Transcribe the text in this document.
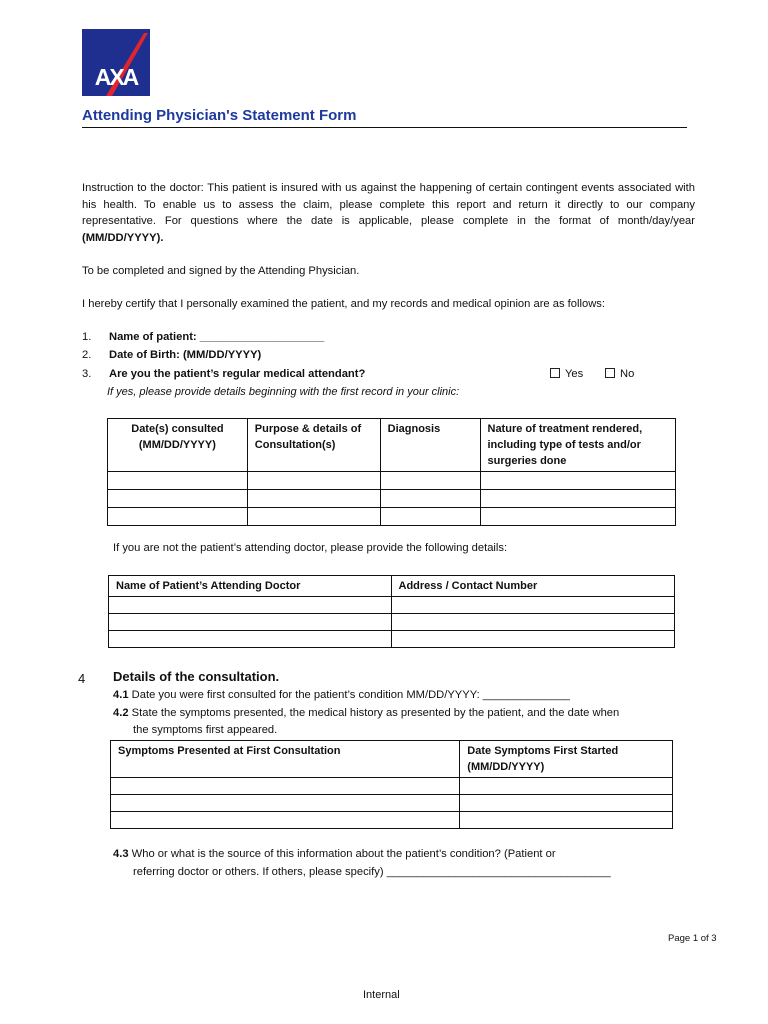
AXA
Attending Physician's Statement Form
Instruction to the doctor: This patient is insured with us against the happening of certain contingent events associated with his health. To enable us to assess the claim, please complete this report and return it directly to our company representative. For questions where the date is applicable, please complete in the format of month/day/year (MM/DD/YYYY).
To be completed and signed by the Attending Physician.
I hereby certify that I personally examined the patient, and my records and medical opinion are as follows:
1. Name of patient: ____________________
2. Date of Birth: (MM/DD/YYYY)
3. Are you the patient’s regular medical attendant?	Yes	No
If yes, please provide details beginning with the first record in your clinic:
Date(s) consulted (MM/DD/YYYY)	Purpose & details of Consultation(s)	Diagnosis	Nature of treatment rendered, including type of tests and/or surgeries done

If you are not the patient’s attending doctor, please provide the following details:
Name of Patient’s Attending Doctor	Address / Contact Number

4 Details of the consultation.
4.1 Date you were first consulted for the patient’s condition MM/DD/YYYY: ______________
4.2 State the symptoms presented, the medical history as presented by the patient, and the date when
the symptoms first appeared.
Symptoms Presented at First Consultation	Date Symptoms First Started (MM/DD/YYYY)

4.3 Who or what is the source of this information about the patient’s condition? (Patient or
referring doctor or others. If others, please specify) ____________________________________
Page 1 of 3
Internal
